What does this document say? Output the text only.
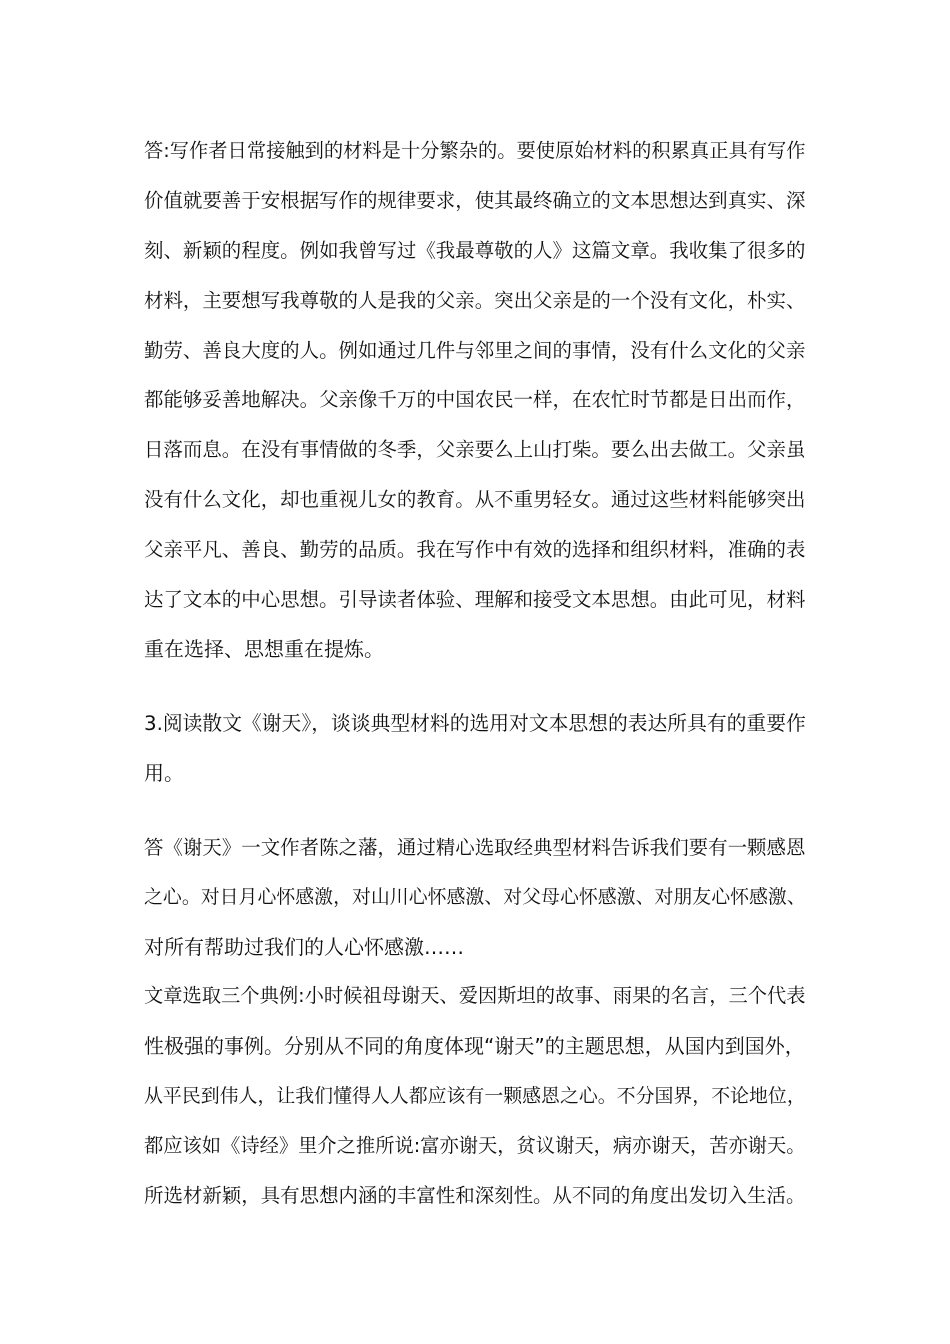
答:写作者日常接触到的材料是十分繁杂的。要使原始材料的积累真正具有写作

价值就要善于安根据写作的规律要求，使其最终确立的文本思想达到真实、深

刻、新颖的程度。例如我曾写过《我最尊敬的人》这篇文章。我收集了很多的

材料，主要想写我尊敬的人是我的父亲。突出父亲是的一个没有文化，朴实、

勤劳、善良大度的人。例如通过几件与邻里之间的事情，没有什么文化的父亲

都能够妥善地解决。父亲像千万的中国农民一样，在农忙时节都是日出而作，

日落而息。在没有事情做的冬季，父亲要么上山打柴。要么出去做工。父亲虽

没有什么文化，却也重视儿女的教育。从不重男轻女。通过这些材料能够突出

父亲平凡、善良、勤劳的品质。我在写作中有效的选择和组织材料，准确的表

达了文本的中心思想。引导读者体验、理解和接受文本思想。由此可见，材料

重在选择、思想重在提炼。

3.阅读散文《谢天》，谈谈典型材料的选用对文本思想的表达所具有的重要作

用。

答《谢天》一文作者陈之藩，通过精心选取经典型材料告诉我们要有一颗感恩

之心。对日月心怀感激，对山川心怀感激、对父母心怀感激、对朋友心怀感激、

对所有帮助过我们的人心怀感激……

文章选取三个典例:小时候祖母谢天、爱因斯坦的故事、雨果的名言，三个代表

性极强的事例。分别从不同的角度体现“谢天”的主题思想，从国内到国外，

从平民到伟人，让我们懂得人人都应该有一颗感恩之心。不分国界，不论地位，

都应该如《诗经》里介之推所说:富亦谢天，贫议谢天，病亦谢天，苦亦谢天。

所选材新颖，具有思想内涵的丰富性和深刻性。从不同的角度出发切入生活。
